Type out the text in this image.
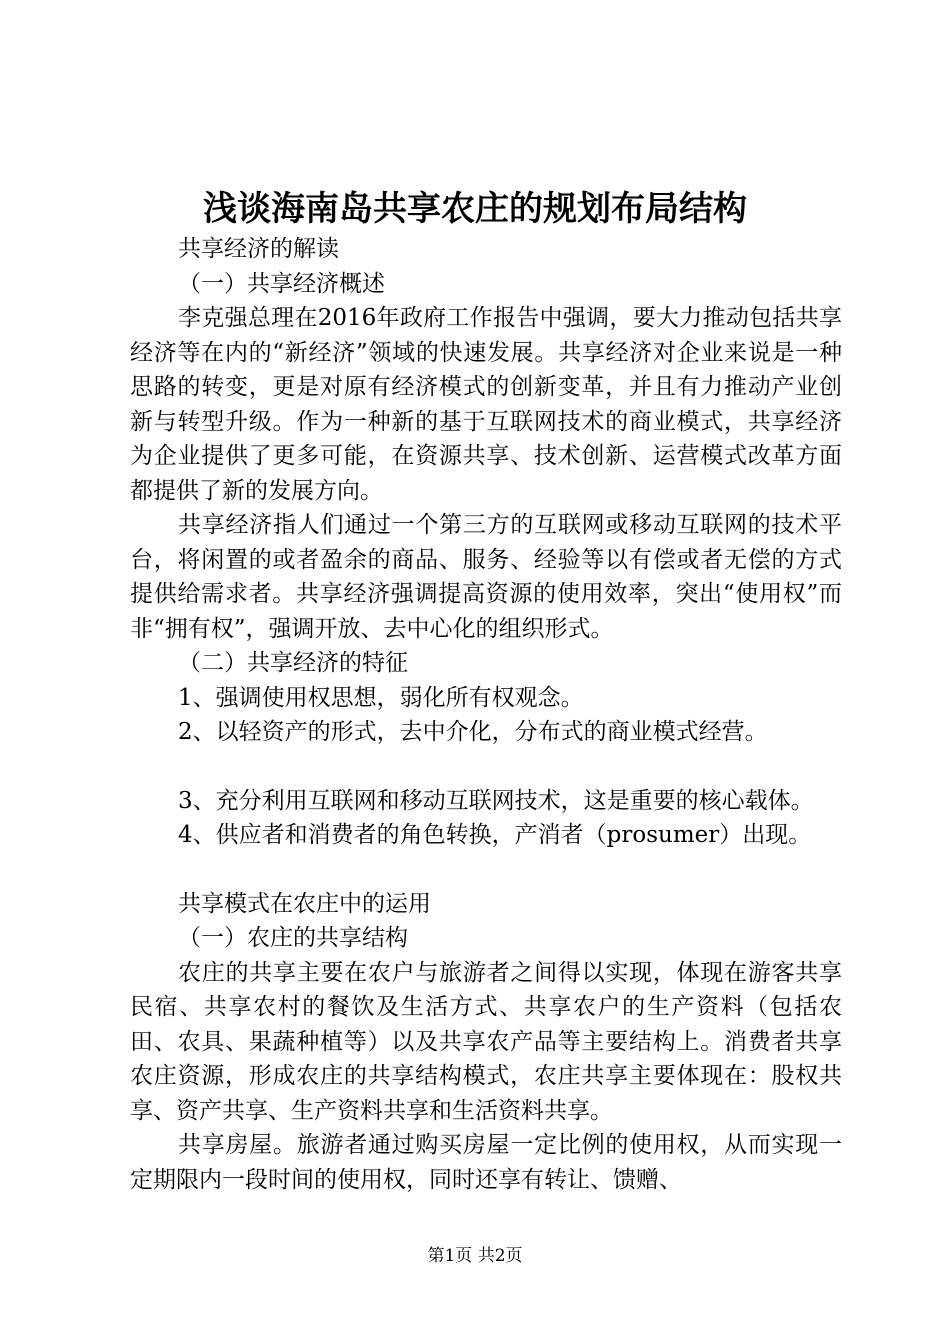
浅谈海南岛共享农庄的规划布局结构

共享经济的解读

（一）共享经济概述

李克强总理在2016年政府工作报告中强调，要大力推动包括共享经济等在内的“新经济”领域的快速发展。共享经济对企业来说是一种思路的转变，更是对原有经济模式的创新变革，并且有力推动产业创新与转型升级。作为一种新的基于互联网技术的商业模式，共享经济为企业提供了更多可能，在资源共享、技术创新、运营模式改革方面都提供了新的发展方向。

共享经济指人们通过一个第三方的互联网或移动互联网的技术平台，将闲置的或者盈余的商品、服务、经验等以有偿或者无偿的方式提供给需求者。共享经济强调提高资源的使用效率，突出“使用权”而非“拥有权”，强调开放、去中心化的组织形式。

（二）共享经济的特征

1、强调使用权思想，弱化所有权观念。

2、以轻资产的形式，去中介化，分布式的商业模式经营。

3、充分利用互联网和移动互联网技术，这是重要的核心载体。

4、供应者和消费者的角色转换，产消者（prosumer）出现。

共享模式在农庄中的运用

（一）农庄的共享结构

农庄的共享主要在农户与旅游者之间得以实现，体现在游客共享民宿、共享农村的餐饮及生活方式、共享农户的生产资料（包括农田、农具、果蔬种植等）以及共享农产品等主要结构上。消费者共享农庄资源，形成农庄的共享结构模式，农庄共享主要体现在：股权共享、资产共享、生产资料共享和生活资料共享。

共享房屋。旅游者通过购买房屋一定比例的使用权，从而实现一定期限内一段时间的使用权，同时还享有转让、馈赠、

第1页 共2页
